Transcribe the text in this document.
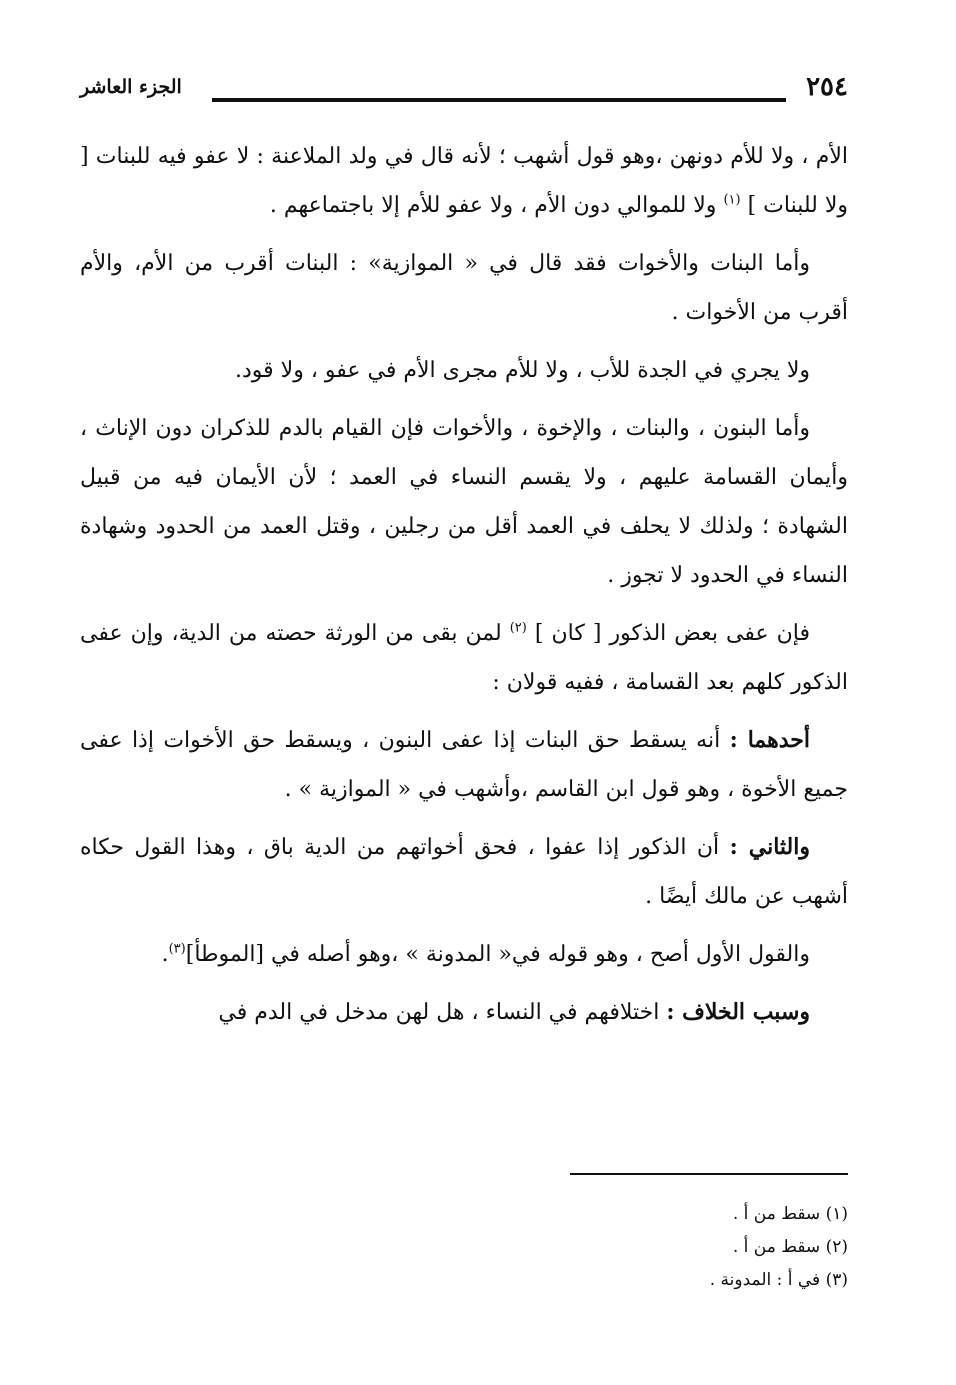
٢٥٤
الجزء العاشر

الأم ، ولا للأم دونهن ،وهو قول أشهب ؛ لأنه قال في ولد الملاعنة : لا عفو فيه للبنات [ ولا للبنات ] $^{(١)}$ ولا للموالي دون الأم ، ولا عفو للأم إلا باجتماعهم .

وأما البنات والأخوات فقد قال في « الموازية» : البنات أقرب من الأم، والأم أقرب من الأخوات .

ولا يجري في الجدة للأب ، ولا للأم مجرى الأم في عفو ، ولا قود.

وأما البنون ، والبنات ، والإخوة ، والأخوات فإن القيام بالدم للذكران دون الإناث ، وأيمان القسامة عليهم ، ولا يقسم النساء في العمد ؛ لأن الأيمان فيه من قبيل الشهادة ؛ ولذلك لا يحلف في العمد أقل من رجلين ، وقتل العمد من الحدود وشهادة النساء في الحدود لا تجوز .

فإن عفى بعض الذكور [ كان ] $^{(٢)}$ لمن بقى من الورثة حصته من الدية، وإن عفى الذكور كلهم بعد القسامة ، ففيه قولان :

أحدهما : أنه يسقط حق البنات إذا عفى البنون ، ويسقط حق الأخوات إذا عفى جميع الأخوة ، وهو قول ابن القاسم ،وأشهب في « الموازية » .

والثاني : أن الذكور إذا عفوا ، فحق أخواتهم من الدية باق ، وهذا القول حكاه أشهب عن مالك أيضًا .

والقول الأول أصح ، وهو قوله في« المدونة » ،وهو أصله في [الموطأ]$^{(٣)}$.

وسبب الخلاف : اختلافهم في النساء ، هل لهن مدخل في الدم في

(١) سقط من أ .
(٢) سقط من أ .
(٣) في أ : المدونة .
